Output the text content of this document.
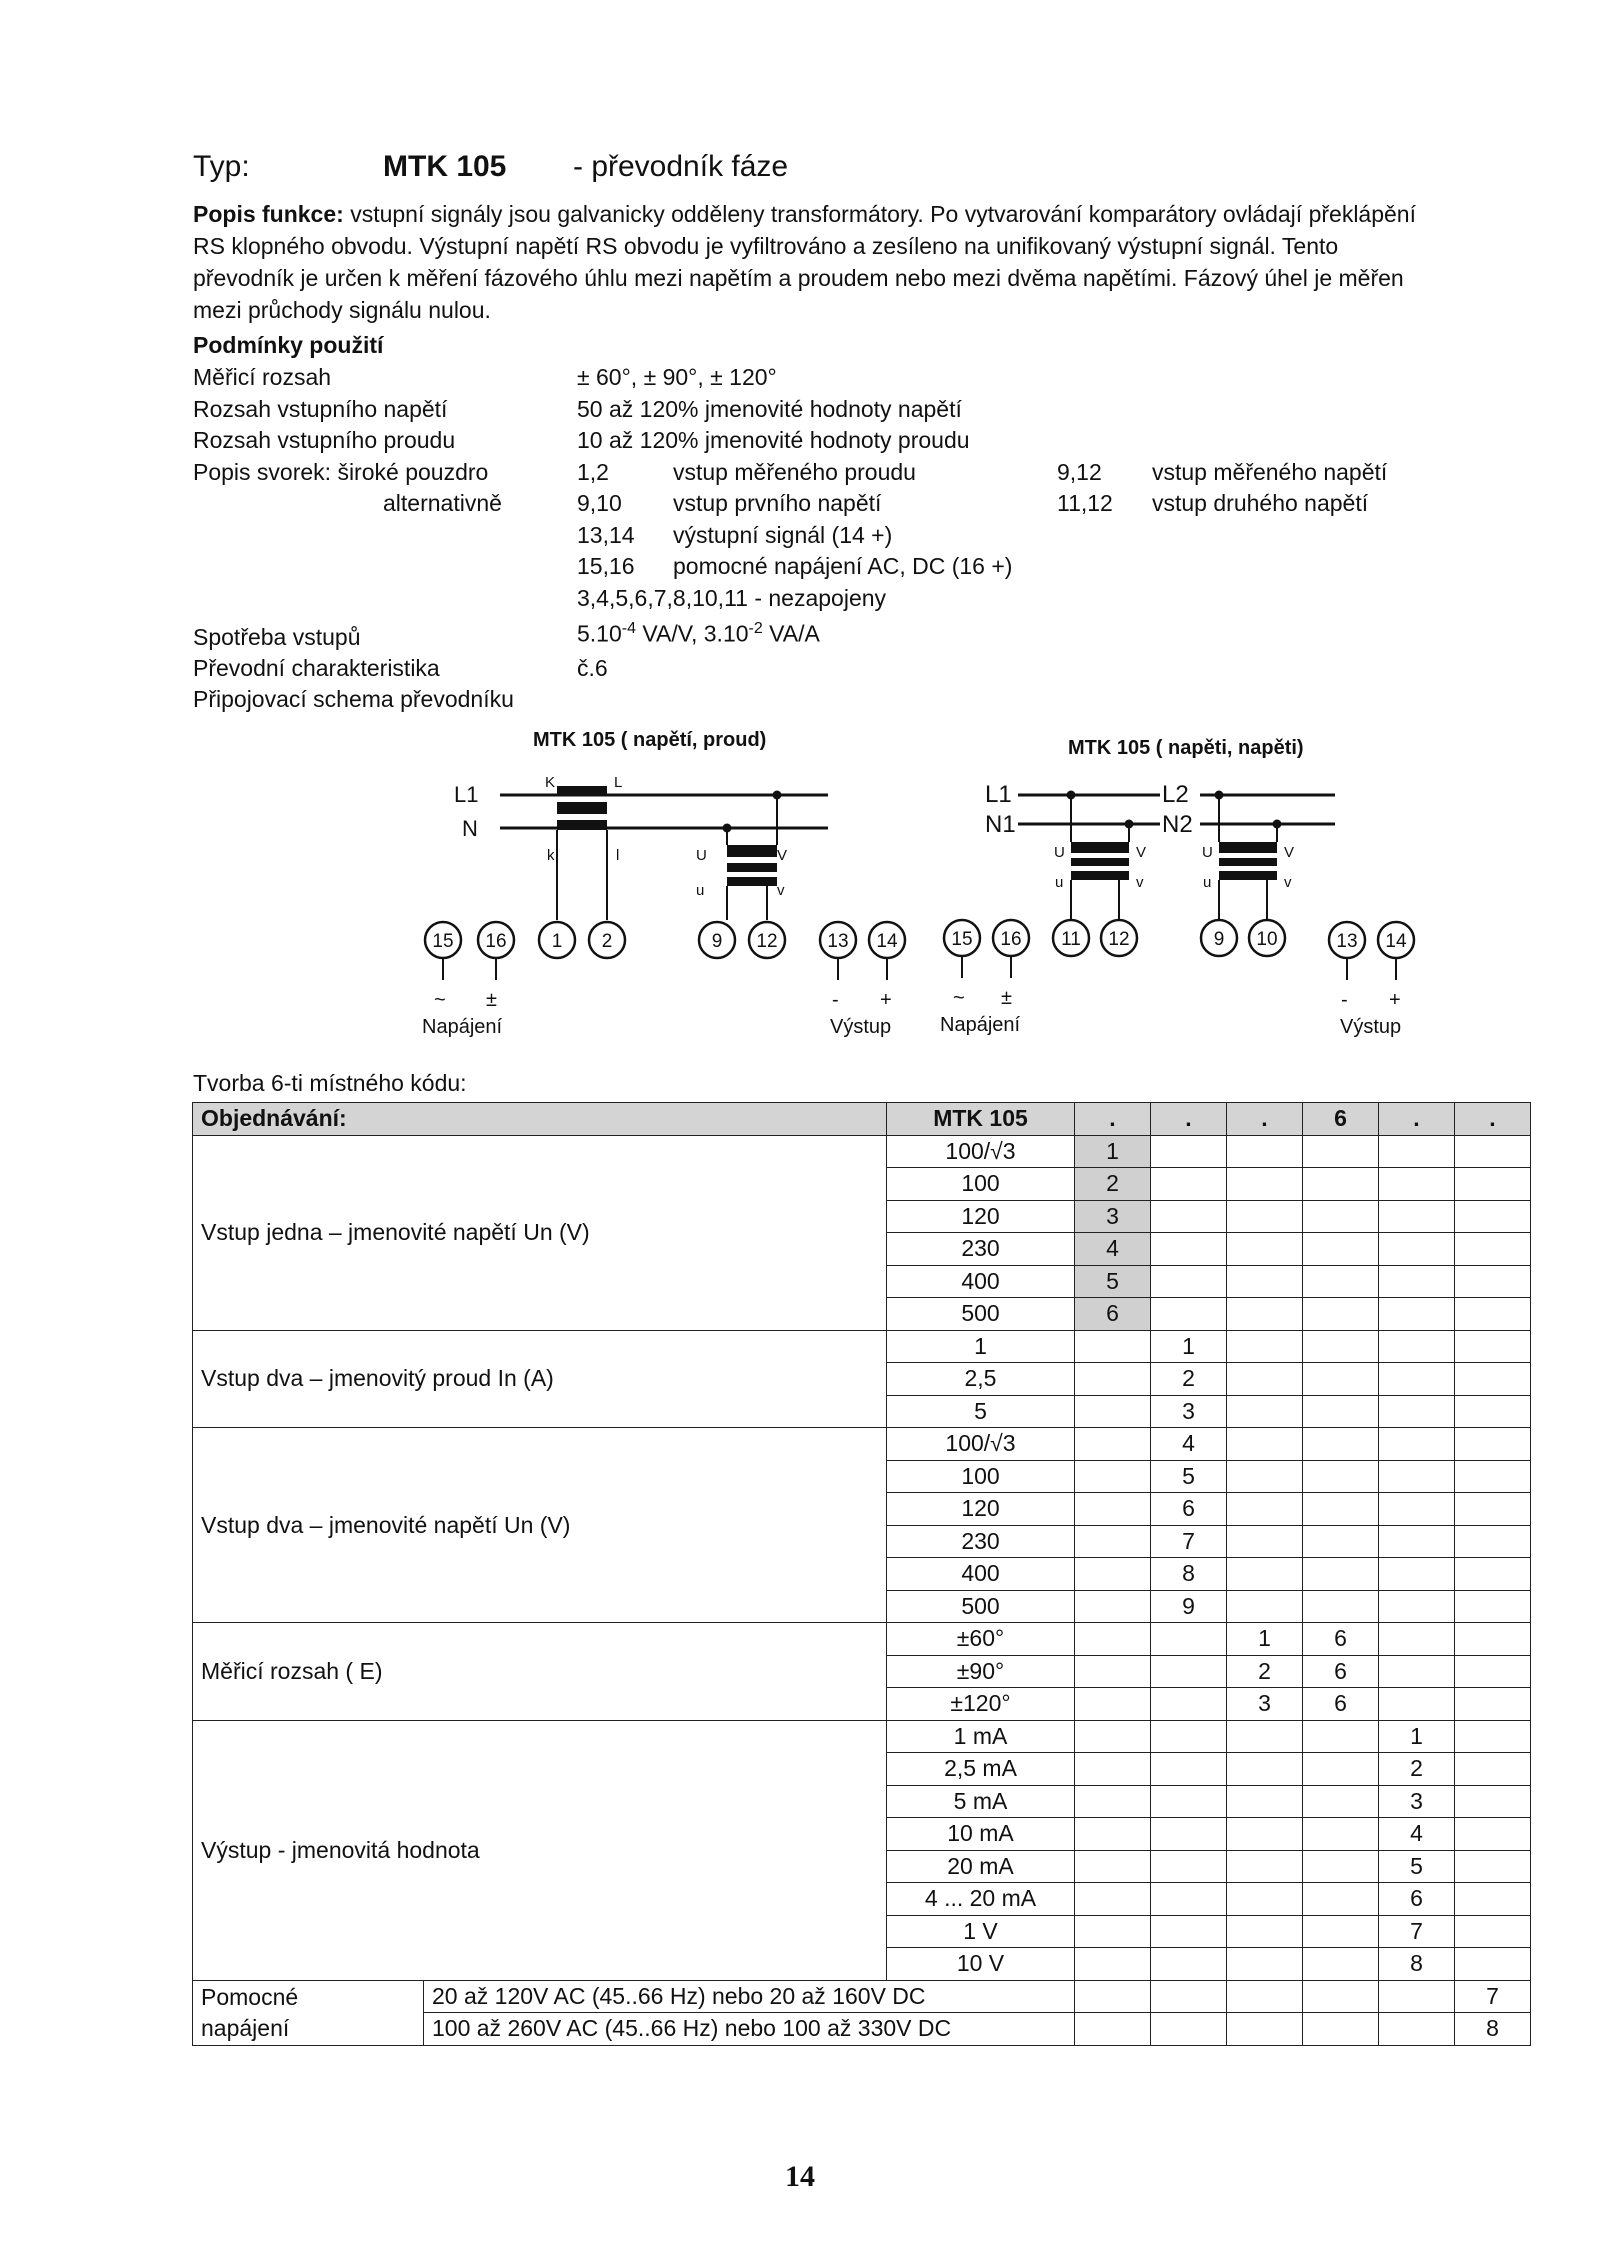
Typ:	MTK 105 - převodník fáze
Popis funkce: vstupní signály jsou galvanicky odděleny transformátory. Po vytvarování komparátory ovládají překlápění RS klopného obvodu. Výstupní napětí RS obvodu je vyfiltrováno a zesíleno na unifikovaný výstupní signál. Tento převodník je určen k měření fázového úhlu mezi napětím a proudem nebo mezi dvěma napětími. Fázový úhel je měřen mezi průchody signálu nulou.
Podmínky použití
Měřicí rozsah	± 60°, ± 90°, ± 120°
Rozsah vstupního napětí	50 až 120% jmenovité hodnoty napětí
Rozsah vstupního proudu	10 až 120% jmenovité hodnoty proudu
Popis svorek: široké pouzdro	1,2	vstup měřeného proudu	9,12 vstup měřeného napětí
alternativně	9,10 vstup prvního napětí	11,12 vstup druhého napětí
13,14 výstupní signál (14 +)
15,16 pomocné napájení AC, DC (16 +)
3,4,5,6,7,8,10,11 - nezapojeny
Spotřeba vstupů	$5.10^{-4}$ VA/V, $3.10^{-2}$ VA/A
Převodní charakteristika	č.6
Připojovací schema převodníku
MTK 105 ( napětí, proud)
L1
N
K	L
k	l	U	V
u	v
15 16 1 2	9 12	13 14
~ ±
Napájení
- +
Výstup
MTK 105 ( napěti, napěti)
L1
N1
L2
N2
U	V
u	v
U	V
u	v
15 16 11 12	9 10	13 14
~ ±
Napájení
- +
Výstup
Tvorba 6-ti místného kódu:
Objednávání:		MTK 105	.	.	.	6	.	.
Vstup jedna – jmenovité napětí Un (V)		100/√3	1					
		100	2					
		120	3					
		230	4					
		400	5					
		500	6					
Vstup dva – jmenovitý proud In (A)		1		1				
		2,5		2				
		5		3				
Vstup dva – jmenovité napětí Un (V)		100/√3		4				
		100		5				
		120		6				
		230		7				
		400		8				
		500		9				
Měřicí rozsah ( E)		±60°			1	6		
		±90°			2	6		
		±120°			3	6		
Výstup - jmenovitá hodnota		1 mA					1	
		2,5 mA					2	
		5 mA					3	
		10 mA					4	
		20 mA					5	
		4 ... 20 mA					6	
		1 V					7	
		10 V					8	
Pomocné
napájení	20 až 120V AC (45..66 Hz) nebo 20 až 160V DC							7
	100 až 260V AC (45..66 Hz) nebo 100 až 330V DC							8
14
